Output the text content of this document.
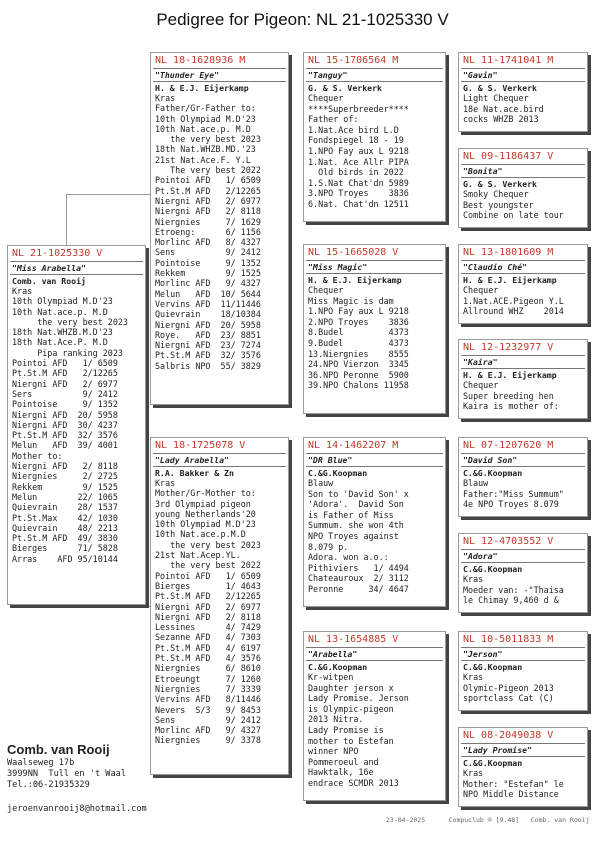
Pedigree for Pigeon: NL 21-1025330 V
NL 21-1025330 V
"Miss Arabella"
Comb. van Rooij
Kras
10th Olympiad M.D'23
10th Nat.ace.p. M.D
the very best 2023
18th Nat.WHZB.M.D'23
18th Nat.Ace.P. M.D
Pipa ranking 2023
Pointoi AFD   1/ 6509
Pt.St.M AFD   2/12265
Niergni AFD   2/ 6977
Sers          9/ 2412
Pointoise     9/ 1352
Niergni AFD  20/ 5958
Niergni AFD  30/ 4237
Pt.St.M AFD  32/ 3576
Melun   AFD  39/ 4001
Mother to:
Niergni AFD   2/ 8118
Niergnies     2/ 2725
Rekkem        9/ 1525
Melun        22/ 1065
Quievrain    28/ 1537
Pt.St.Max    42/ 1030
Quievrain    48/ 2213
Pt.St.M AFD  49/ 3830
Bierges      71/ 5828
Arras    AFD 95/10144
NL 18-1628936 M
"Thunder Eye"
H. & E.J. Eijerkamp
Kras
Father/Gr-Father to:
10th Olympiad M.D'23
10th Nat.ace.p. M.D
the very best 2023
18th Nat.WHZB.MD.'23
21st Nat.Ace.F. Y.L
The very best 2022
Pointoi AFD   1/ 6509
Pt.St.M AFD   2/12265
Niergni AFD   2/ 6977
Niergni AFD   2/ 8118
Niergnies     7/ 1629
Etroeng:      6/ 1156
Morlinc AFD   8/ 4327
Sens          9/ 2412
Pointoise     9/ 1352
Rekkem        9/ 1525
Morlinc AFD   9/ 4327
Melun   AFD  10/ 5644
Vervins AFD  11/11446
Quievrain    18/10384
Niergni AFD  20/ 5958
Roye.   AFD  23/ 8851
Niergni AFD  23/ 7274
Pt.St.M AFD  32/ 3576
Salbris NPO  55/ 3829
NL 18-1725078 V
"Lady Arabella"
R.A. Bakker & Zn
Kras
Mother/Gr-Mother to:
3rd Olympiad pigeon
young Netherlands'20
10th Olympiad M.D'23
10th Nat.ace.p.M.D
the very best 2023
21st Nat.Acep.YL.
the very best 2022
Pointoi AFD   1/ 6509
Bierges       1/ 4643
Pt.St.M AFD   2/12265
Niergni AFD   2/ 6977
Niergni AFD   2/ 8118
Lessines      4/ 7429
Sezanne AFD   4/ 7303
Pt.St.M AFD   4/ 6197
Pt.St.M AFD   4/ 3576
Niergnies     6/ 8610
Etroeungt     7/ 1260
Niergnies     7/ 3339
Vervins AFD   8/11446
Nevers  S/3   9/ 8453
Sens          9/ 2412
Morlinc AFD   9/ 4327
Niergnies     9/ 3378
NL 15-1706564 M
"Tanguy"
G. & S. Verkerk
Chequer
****Superbreeder****
Father of:
1.Nat.Ace bird L.D
Fondspiegel 18 - 19
1.NPO Fay aux L 9218
1.Nat. Ace Allr PIPA
Old birds in 2022
1.S.Nat Chat'dn 5989
3.NPO Troyes    3836
6.Nat. Chat'dn 12511
NL 15-1665028 V
"Miss Magic"
H. & E.J. Eijerkamp
Chequer
Miss Magic is dam
1.NPO Fay aux L 9218
2.NPO Troyes    3836
8.Budel         4373
9.Budel         4373
13.Niergnies    8555
24.NPO Vierzon  3345
36.NPO Peronne  5900
39.NPO Chalons 11958
NL 14-1462207 M
"DR Blue"
C.&G.Koopman
Blauw
Son to 'David Son' x
'Adora'.  David Son
is Father of Miss
Summum. she won 4th
NPO Troyes against
8.079 p.
Adora. won a.o.:
Pithiviers   1/ 4494
Chateauroux  2/ 3112
Peronne     34/ 4647
NL 13-1654885 V
"Arabella"
C.&G.Koopman
Kr-witpen
Daughter jerson x
Lady Promise. Jerson
is Olympic-pigeon
2013 Nitra.
Lady Promise is
mother to Estefan
winner NPO
Pommeroeul and
Hawktalk, 16e
endrace SCMDR 2013
NL 11-1741041 M
"Gavin"
G. & S. Verkerk
Light Chequer
18e Nat.ace.bird
cocks WHZB 2013
NL 09-1186437 V
"Bonita"
G. & S. Verkerk
Smoky Chequer
Best youngster
Combine on late tour
NL 13-1801609 M
"Claudio Ché"
H. & E.J. Eijerkamp
Chequer
1.Nat.ACE.Pigeon Y.L
Allround WHZ    2014
NL 12-1232977 V
"Kaira"
H. & E.J. Eijerkamp
Chequer
Super breeding hen
Kaira is mother of:
NL 07-1207620 M
"David Son"
C.&G.Koopman
Blauw
Father:"Miss Summum"
4e NPO Troyes 8.079
NL 12-4703552 V
"Adora"
C.&G.Koopman
Kras
Moeder van: -"Thaisa
le Chimay 9,460 d &
NL 10-5011833 M
"Jerson"
C.&G.Koopman
Kras
Olymic-Pigeon 2013
sportclass Cat (C)
NL 08-2049038 V
"Lady Promise"
C.&G.Koopman
Kras
Mother: "Estefan" le
NPO Middle Distance
Comb. van Rooij
Waalseweg 17b
3999NN  Tull en 't Waal
Tel.:06-21935329
jeroenvanrooij8@hotmail.com
23-04-2025      Compuclub ® [9.48]   Comb. van Rooij
